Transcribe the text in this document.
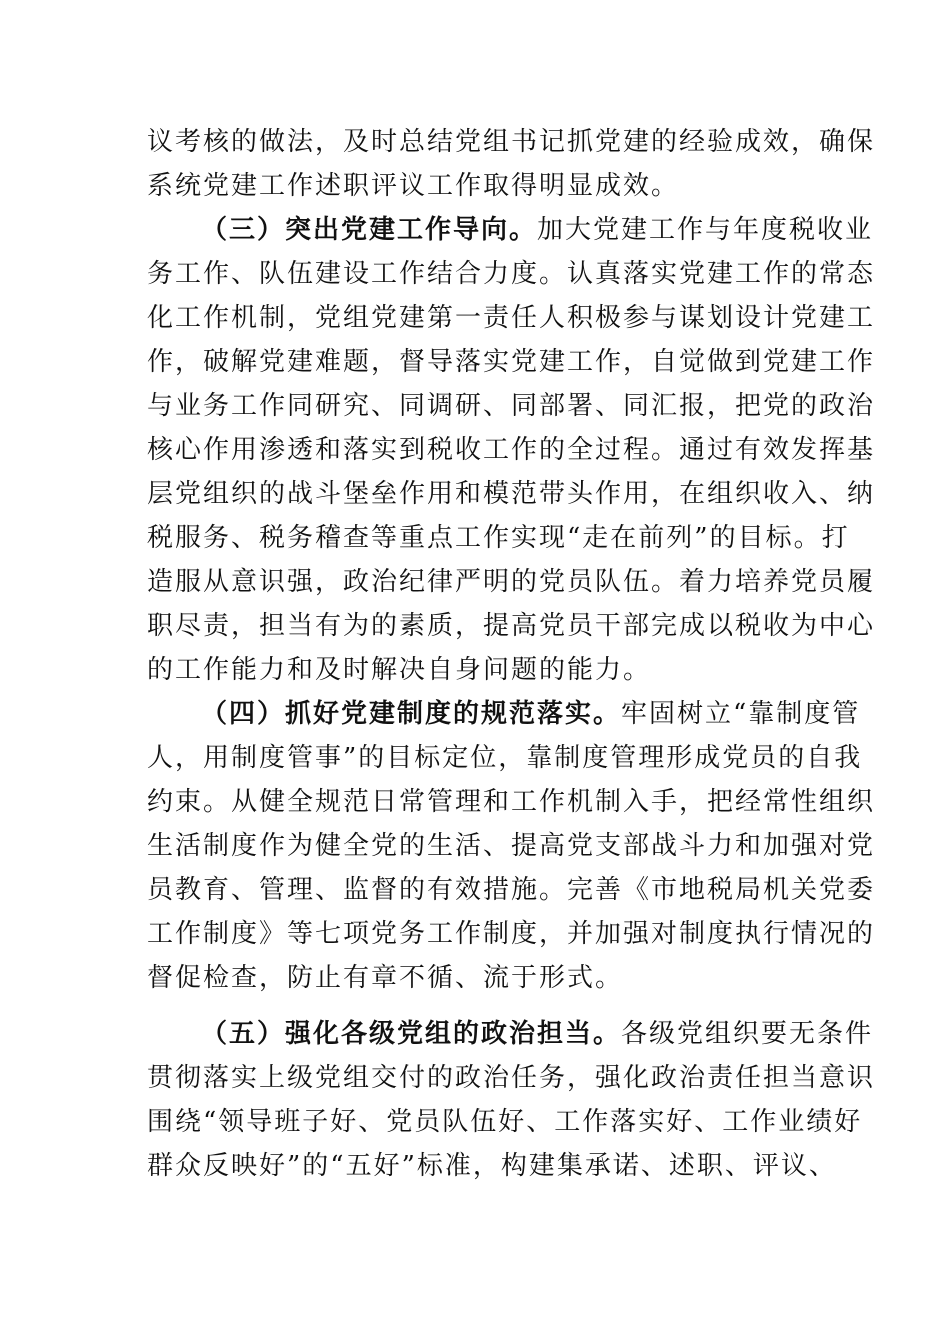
议考核的做法，及时总结党组书记抓党建的经验成效，确保
系统党建工作述职评议工作取得明显成效。
（三）突出党建工作导向。加大党建工作与年度税收业
务工作、队伍建设工作结合力度。认真落实党建工作的常态
化工作机制，党组党建第一责任人积极参与谋划设计党建工
作，破解党建难题，督导落实党建工作，自觉做到党建工作
与业务工作同研究、同调研、同部署、同汇报，把党的政治
核心作用渗透和落实到税收工作的全过程。通过有效发挥基
层党组织的战斗堡垒作用和模范带头作用，在组织收入、纳
税服务、税务稽查等重点工作实现“走在前列”的目标。打
造服从意识强，政治纪律严明的党员队伍。着力培养党员履
职尽责，担当有为的素质，提高党员干部完成以税收为中心
的工作能力和及时解决自身问题的能力。
（四）抓好党建制度的规范落实。牢固树立“靠制度管
人，用制度管事”的目标定位，靠制度管理形成党员的自我
约束。从健全规范日常管理和工作机制入手，把经常性组织
生活制度作为健全党的生活、提高党支部战斗力和加强对党
员教育、管理、监督的有效措施。完善《市地税局机关党委
工作制度》等七项党务工作制度，并加强对制度执行情况的
督促检查，防止有章不循、流于形式。
（五）强化各级党组的政治担当。各级党组织要无条件
贯彻落实上级党组交付的政治任务，强化政治责任担当意识
围绕“领导班子好、党员队伍好、工作落实好、工作业绩好
群众反映好”的“五好”标准，构建集承诺、述职、评议、
